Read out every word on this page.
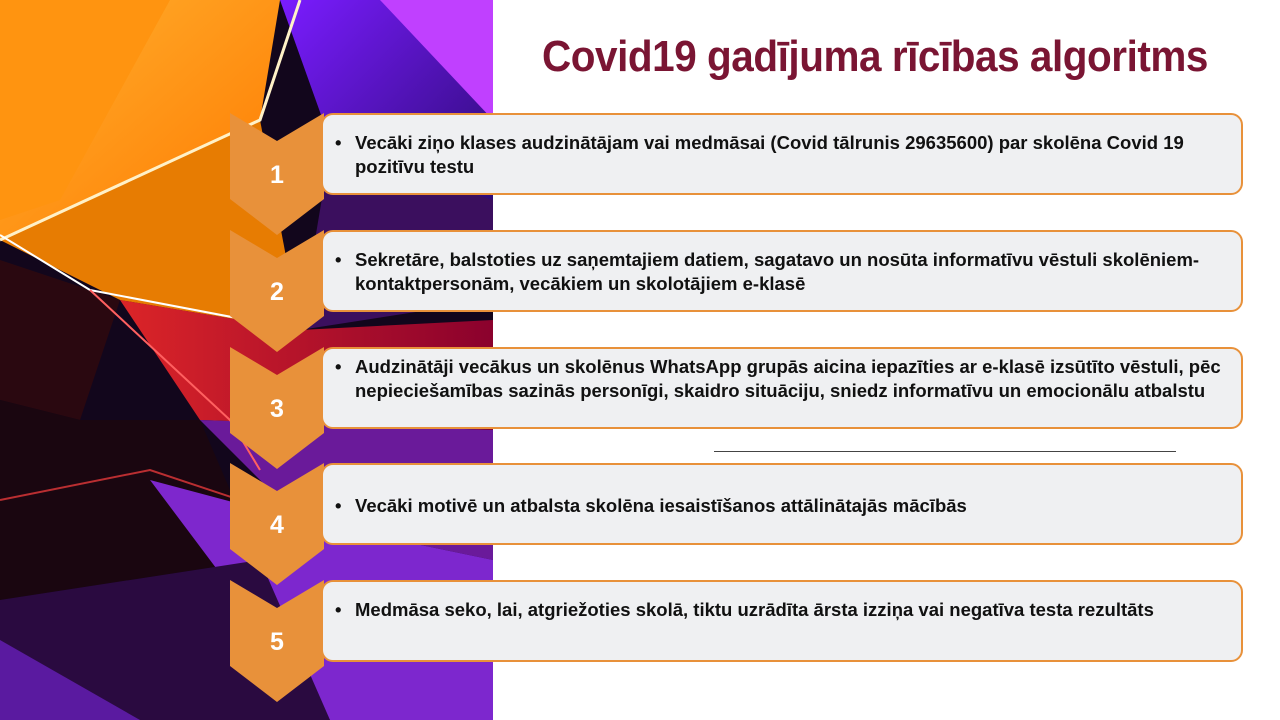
Covid19 gadījuma rīcības algoritms
1
• Vecāki ziņo klases audzinātājam vai medmāsai (Covid tālrunis 29635600) par skolēna Covid 19 pozitīvu testu
2
• Sekretāre, balstoties uz saņemtajiem datiem, sagatavo un nosūta informatīvu vēstuli skolēniem-kontaktpersonām, vecākiem un skolotājiem e-klasē
3
• Audzinātāji vecākus un skolēnus WhatsApp grupās aicina iepazīties ar e-klasē izsūtīto vēstuli, pēc nepieciešamības sazinās personīgi, skaidro situāciju, sniedz informatīvu un emocionālu atbalstu
4
• Vecāki motivē un atbalsta skolēna iesaistīšanos attālinātajās mācībās
5
• Medmāsa seko, lai, atgriežoties skolā, tiktu uzrādīta ārsta izziņa vai negatīva testa rezultāts
